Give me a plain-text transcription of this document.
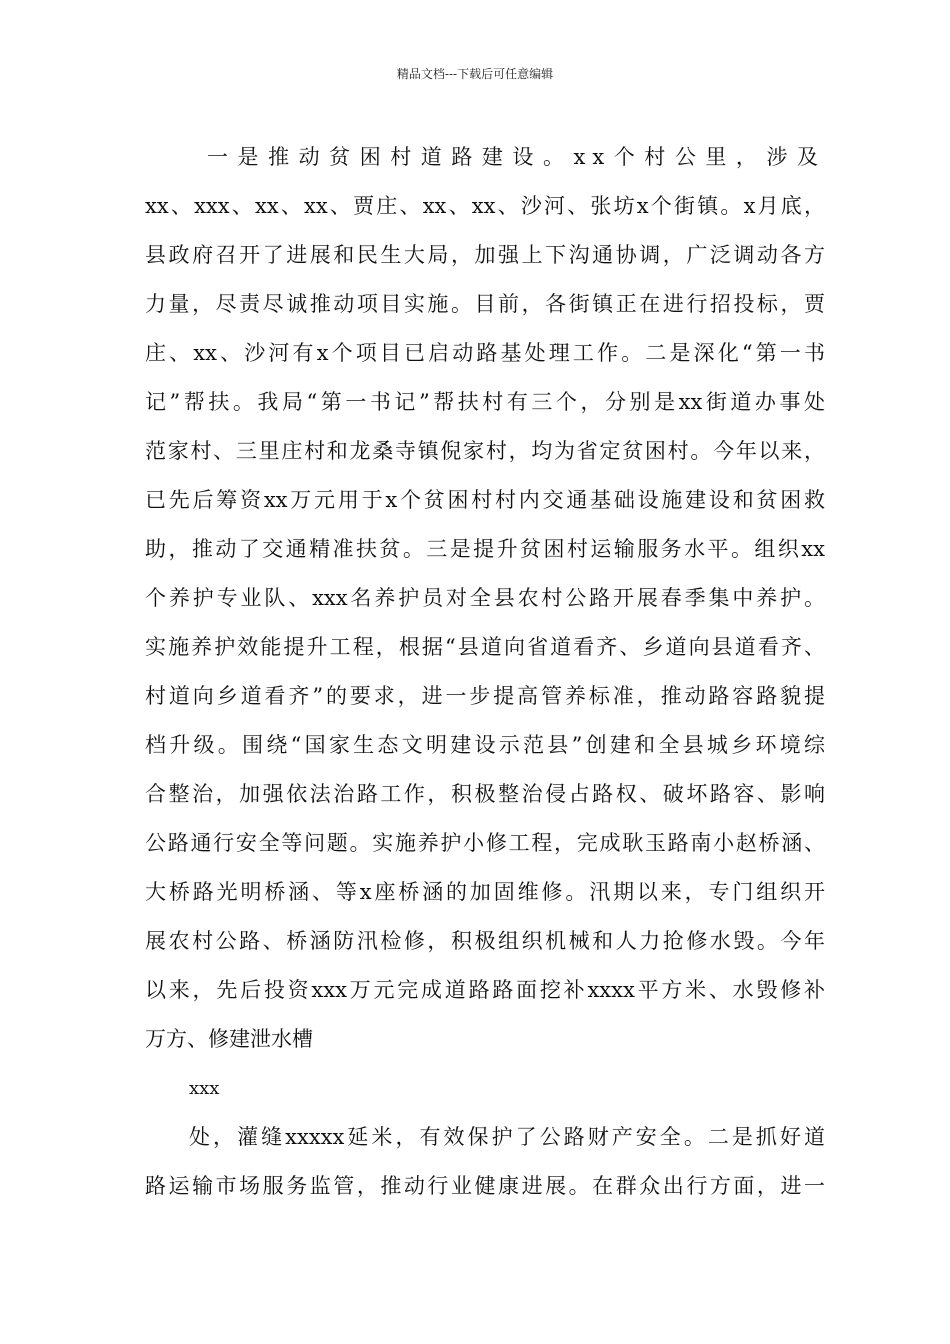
精品文档---下载后可任意编辑
一是推动贫困村道路建设。xx个村公里，涉及
xx、xxx、xx、xx、贾庄、xx、xx、沙河、张坊x个街镇。x月底，
县政府召开了进展和民生大局，加强上下沟通协调，广泛调动各方
力量，尽责尽诚推动项目实施。目前，各街镇正在进行招投标，贾
庄、xx、沙河有x个项目已启动路基处理工作。二是深化“第一书
记”帮扶。我局“第一书记”帮扶村有三个，分别是xx街道办事处
范家村、三里庄村和龙桑寺镇倪家村，均为省定贫困村。今年以来，
已先后筹资xx万元用于x个贫困村村内交通基础设施建设和贫困救
助，推动了交通精准扶贫。三是提升贫困村运输服务水平。组织xx
个养护专业队、xxx名养护员对全县农村公路开展春季集中养护。
实施养护效能提升工程，根据“县道向省道看齐、乡道向县道看齐、
村道向乡道看齐”的要求，进一步提高管养标准，推动路容路貌提
档升级。围绕“国家生态文明建设示范县”创建和全县城乡环境综
合整治，加强依法治路工作，积极整治侵占路权、破坏路容、影响
公路通行安全等问题。实施养护小修工程，完成耿玉路南小赵桥涵、
大桥路光明桥涵、等x座桥涵的加固维修。汛期以来，专门组织开
展农村公路、桥涵防汛检修，积极组织机械和人力抢修水毁。今年
以来，先后投资xxx万元完成道路路面挖补xxxx平方米、水毁修补
万方、修建泄水槽
xxx
处，灌缝xxxxx延米，有效保护了公路财产安全。二是抓好道
路运输市场服务监管，推动行业健康进展。在群众出行方面，进一
